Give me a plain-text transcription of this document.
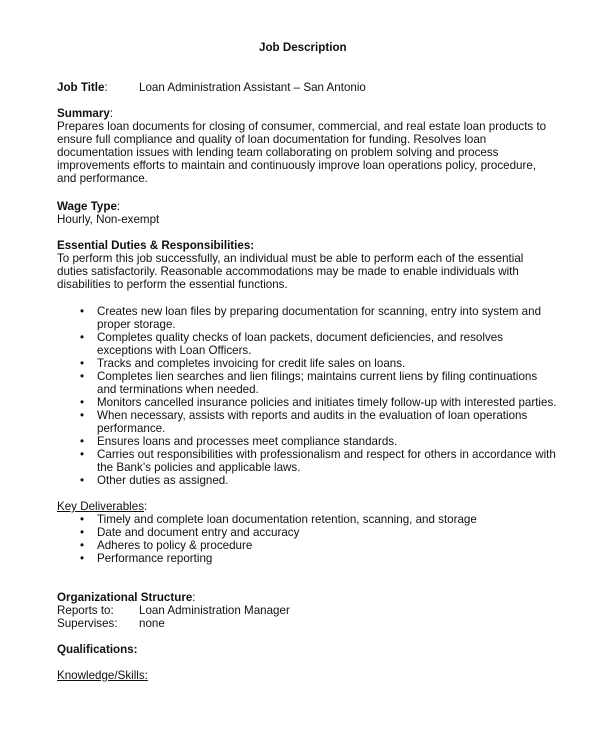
Job Description
Job Title:	Loan Administration Assistant – San Antonio
Summary:
Prepares loan documents for closing of consumer, commercial, and real estate loan products to
ensure full compliance and quality of loan documentation for funding. Resolves loan
documentation issues with lending team collaborating on problem solving and process
improvements efforts to maintain and continuously improve loan operations policy, procedure,
and performance.
Wage Type:
Hourly, Non-exempt
Essential Duties & Responsibilities:
To perform this job successfully, an individual must be able to perform each of the essential
duties satisfactorily. Reasonable accommodations may be made to enable individuals with
disabilities to perform the essential functions.
•	Creates new loan files by preparing documentation for scanning, entry into system and
proper storage.
•	Completes quality checks of loan packets, document deficiencies, and resolves
exceptions with Loan Officers.
•	Tracks and completes invoicing for credit life sales on loans.
•	Completes lien searches and lien filings; maintains current liens by filing continuations
and terminations when needed.
•	Monitors cancelled insurance policies and initiates timely follow-up with interested parties.
•	When necessary, assists with reports and audits in the evaluation of loan operations
performance.
•	Ensures loans and processes meet compliance standards.
•	Carries out responsibilities with professionalism and respect for others in accordance with
the Bank’s policies and applicable laws.
•	Other duties as assigned.
Key Deliverables:
•	Timely and complete loan documentation retention, scanning, and storage
•	Date and document entry and accuracy
•	Adheres to policy & procedure
•	Performance reporting
Organizational Structure:
Reports to: Loan Administration Manager
Supervises: none
Qualifications:
Knowledge/Skills:
